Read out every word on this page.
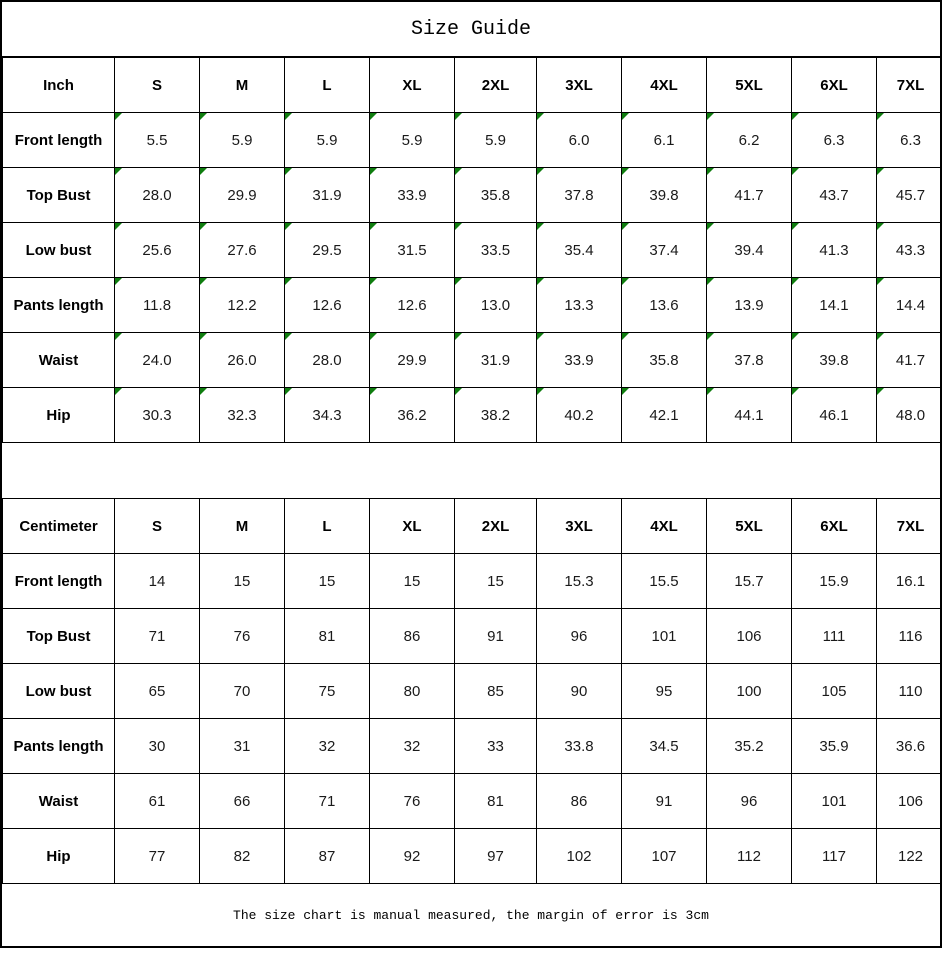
Size Guide
Inch	S	M	L	XL	2XL	3XL	4XL	5XL	6XL	7XL
Front length	5.5	5.9	5.9	5.9	5.9	6.0	6.1	6.2	6.3	6.3

Top Bust	28.0	29.9	31.9	33.9	35.8	37.8	39.8	41.7	43.7	45.7

Low bust	25.6	27.6	29.5	31.5	33.5	35.4	37.4	39.4	41.3	43.3

Pants length	11.8	12.2	12.6	12.6	13.0	13.3	13.6	13.9	14.1	14.4

Waist	24.0	26.0	28.0	29.9	31.9	33.9	35.8	37.8	39.8	41.7

Hip	30.3	32.3	34.3	36.2	38.2	40.2	42.1	44.1	46.1	48.0
Centimeter	S	M	L	XL	2XL	3XL	4XL	5XL	6XL	7XL
Front length	14	15	15	15	15	15.3	15.5	15.7	15.9	16.1
Top Bust	71	76	81	86	91	96	101	106	111	116
Low bust	65	70	75	80	85	90	95	100	105	110
Pants length	30	31	32	32	33	33.8	34.5	35.2	35.9	36.6
Waist	61	66	71	76	81	86	91	96	101	106
Hip	77	82	87	92	97	102	107	112	117	122
The size chart is manual measured, the margin of error is 3cm
